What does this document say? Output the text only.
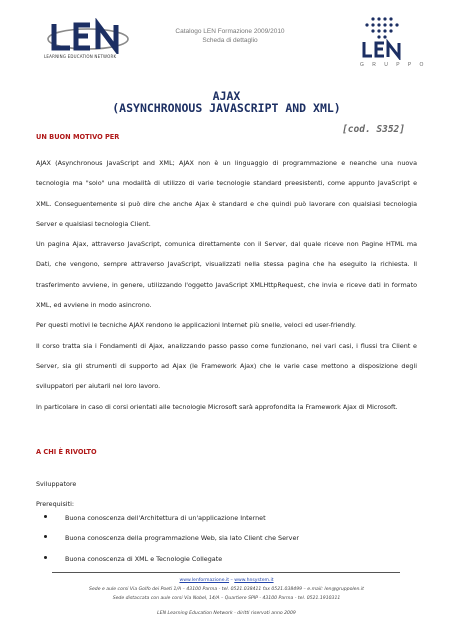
LEARNING EDUCATION NETWORK
Catalogo LEN Formazione 2009/2010
Scheda di dettaglio
G R U P P O
AJAX
(ASYNCHRONOUS JAVASCRIPT AND XML)
[cod. S352]
UN BUON MOTIVO PER

AJAX (Asynchronous JavaScript and XML; AJAX non è un linguaggio di programmazione e neanche una nuova tecnologia ma "solo" una modalità di utilizzo di varie tecnologie standard preesistenti, come appunto JavaScript e XML. Conseguentemente si può dire che anche Ajax è standard e che quindi può lavorare con qualsiasi tecnologia Server e qualsiasi tecnologia Client.

Un pagina Ajax, attraverso JavaScript, comunica direttamente con il Server, dal quale riceve non Pagine HTML ma Dati, che vengono, sempre attraverso JavaScript, visualizzati nella stessa pagina che ha eseguito la richiesta. Il trasferimento avviene, in genere, utilizzando l'oggetto JavaScript XMLHttpRequest, che invia e riceve dati in formato XML, ed avviene in modo asincrono.

Per questi motivi le tecniche AJAX rendono le applicazioni Internet più snelle, veloci ed user-friendly.

Il corso tratta sia i Fondamenti di Ajax, analizzando passo passo come funzionano, nei vari casi, i flussi tra Client e Server, sia gli strumenti di supporto ad Ajax (le Framework Ajax) che le varie case mettono a disposizione degli sviluppatori per aiutarli nel loro lavoro.

In particolare in caso di corsi orientati alle tecnologie Microsoft sarà approfondita la Framework Ajax di Microsoft.

A CHI È RIVOLTO

Sviluppatore

Prerequisiti:

Buona conoscenza dell'Architettura di un'applicazione Internet
Buona conoscenza della programmazione Web, sia lato Client che Server
Buona conoscenza di XML e Tecnologie Collegate
www.lenformazione.it – www.hnsystem.it
Sede e aule corsi Via Golfo dei Poeti 1/A – 43100 Parma - tel. 0521.038411 fax 0521.038499 – e.mail: len@gruppolen.it
Sede distaccata con aule corsi Via Nobel, 14/A – Quartiere SPIP - 43100 Parma - tel. 0521.1910311
LEN Learning Education Network - diritti riservati anno 2009
